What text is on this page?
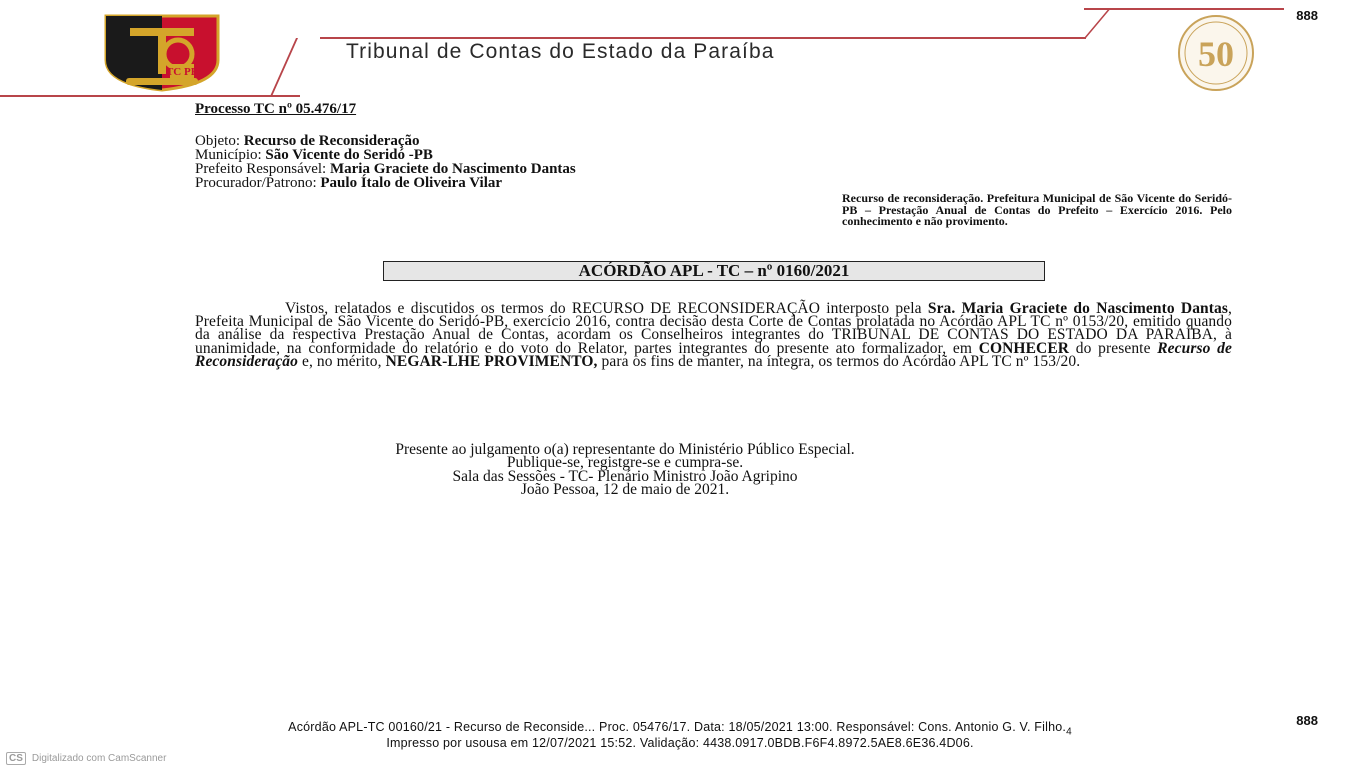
888
TC PB
Tribunal de Contas do Estado da Paraíba	50
Processo TC nº 05.476/17
Objeto: Recurso de Reconsideração
Município: São Vicente do Seridó -PB
Prefeito Responsável: Maria Graciete do Nascimento Dantas
Procurador/Patrono: Paulo Ítalo de Oliveira Vilar
Recurso de reconsideração. Prefeitura Municipal de São Vicente do Seridó-PB – Prestação Anual de Contas do Prefeito – Exercício 2016. Pelo conhecimento e não provimento.
ACÓRDÃO APL - TC – nº 0160/2021
Vistos, relatados e discutidos os termos do RECURSO DE RECONSIDERAÇÃO interposto pela Sra. Maria Graciete do Nascimento Dantas, Prefeita Municipal de São Vicente do Seridó-PB, exercício 2016, contra decisão desta Corte de Contas prolatada no Acórdão APL TC nº 0153/20, emitido quando da análise da respectiva Prestação Anual de Contas, acordam os Conselheiros integrantes do TRIBUNAL DE CONTAS DO ESTADO DA PARAÍBA, à unanimidade, na conformidade do relatório e do voto do Relator, partes integrantes do presente ato formalizador, em CONHECER do presente Recurso de Reconsideração e, no mérito, NEGAR-LHE PROVIMENTO, para os fins de manter, na íntegra, os termos do Acórdão APL TC nº 153/20.
Presente ao julgamento o(a) representante do Ministério Público Especial.
Publique-se, registgre-se e cumpra-se.
Sala das Sessões - TC- Plenário Ministro João Agripino
João Pessoa, 12 de maio de 2021.
888
Acórdão APL-TC 00160/21 - Recurso de Reconside... Proc. 05476/17. Data: 18/05/2021 13:00. Responsável: Cons. Antonio G. V. $Filho._4$
Impresso por usousa em 12/07/2021 15:52. Validação: 4438.0917.0BDB.F6F4.8972.5AE8.6E36.4D06.
CS Digitalizado com CamScanner
